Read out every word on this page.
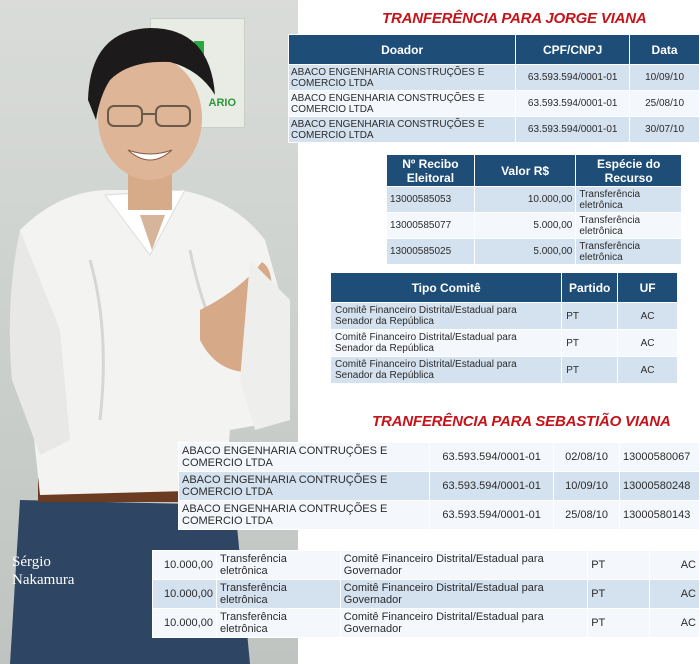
ARIO
Sérgio
Nakamura
TRANFERÊNCIA PARA JORGE VIANA
Doador	CPF/CNPJ	Data
ABACO ENGENHARIA CONSTRUÇÕES E COMERCIO LTDA	63.593.594/0001-01	10/09/10
ABACO ENGENHARIA CONSTRUÇÕES E COMERCIO LTDA	63.593.594/0001-01	25/08/10
ABACO ENGENHARIA CONSTRUÇÕES E COMERCIO LTDA	63.593.594/0001-01	30/07/10
Nº Recibo Eleitoral	Valor R$	Espécie do Recurso
13000585053	10.000,00	Transferência eletrônica
13000585077	5.000,00	Transferência eletrônica
13000585025	5.000,00	Transferência eletrônica
Tipo Comitê	Partido	UF
Comitê Financeiro Distrital/Estadual para Senador da República	PT	AC
Comitê Financeiro Distrital/Estadual para Senador da República	PT	AC
Comitê Financeiro Distrital/Estadual para Senador da República	PT	AC
TRANFERÊNCIA PARA SEBASTIÃO VIANA
ABACO ENGENHARIA CONTRUÇÕES E COMERCIO LTDA	63.593.594/0001-01	02/08/10	13000580067
ABACO ENGENHARIA CONTRUÇÕES E COMERCIO LTDA	63.593.594/0001-01	10/09/10	13000580248
ABACO ENGENHARIA CONTRUÇÕES E COMERCIO LTDA	63.593.594/0001-01	25/08/10	13000580143
10.000,00	Transferência eletrônica	Comitê Financeiro Distrital/Estadual para Governador	PT	AC
10.000,00	Transferência eletrônica	Comitê Financeiro Distrital/Estadual para Governador	PT	AC
10.000,00	Transferência eletrônica	Comitê Financeiro Distrital/Estadual para Governador	PT	AC
